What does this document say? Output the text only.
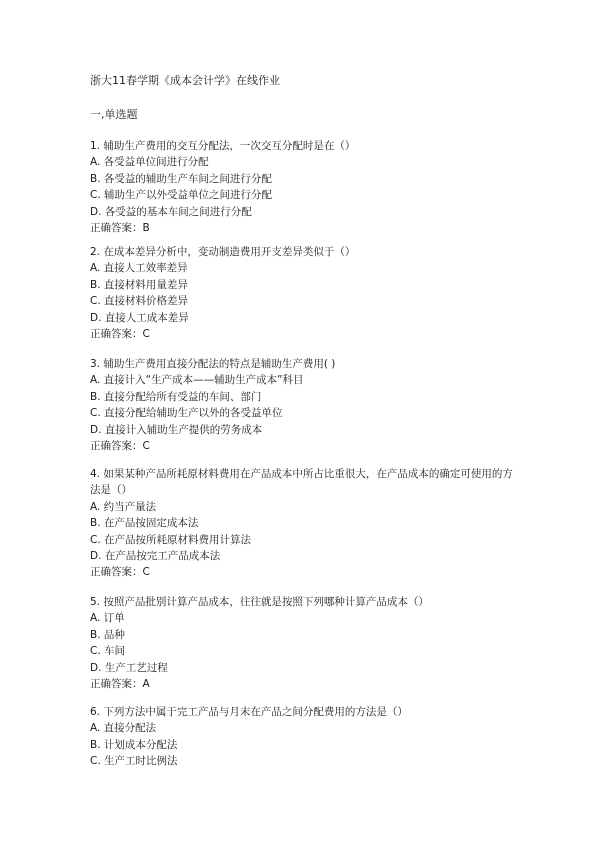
浙大11春学期《成本会计学》在线作业
一,单选题
1. 辅助生产费用的交互分配法，一次交互分配时是在（）
A. 各受益单位间进行分配
B. 各受益的辅助生产车间之间进行分配
C. 辅助生产以外受益单位之间进行分配
D. 各受益的基本车间之间进行分配
正确答案：B
2. 在成本差异分析中，变动制造费用开支差异类似于（）
A. 直接人工效率差异
B. 直接材料用量差异
C. 直接材料价格差异
D. 直接人工成本差异
正确答案：C
3. 辅助生产费用直接分配法的特点是辅助生产费用( )
A. 直接计入“生产成本——辅助生产成本”科目
B. 直接分配给所有受益的车间、部门
C. 直接分配给辅助生产以外的各受益单位
D. 直接计入辅助生产提供的劳务成本
正确答案：C
4. 如果某种产品所耗原材料费用在产品成本中所占比重很大，在产品成本的确定可使用的方法是（）
A. 约当产量法
B. 在产品按固定成本法
C. 在产品按所耗原材料费用计算法
D. 在产品按完工产品成本法
正确答案：C
5. 按照产品批别计算产品成本，往往就是按照下列哪种计算产品成本（）
A. 订单
B. 品种
C. 车间
D. 生产工艺过程
正确答案：A
6. 下列方法中属于完工产品与月末在产品之间分配费用的方法是（）
A. 直接分配法
B. 计划成本分配法
C. 生产工时比例法
